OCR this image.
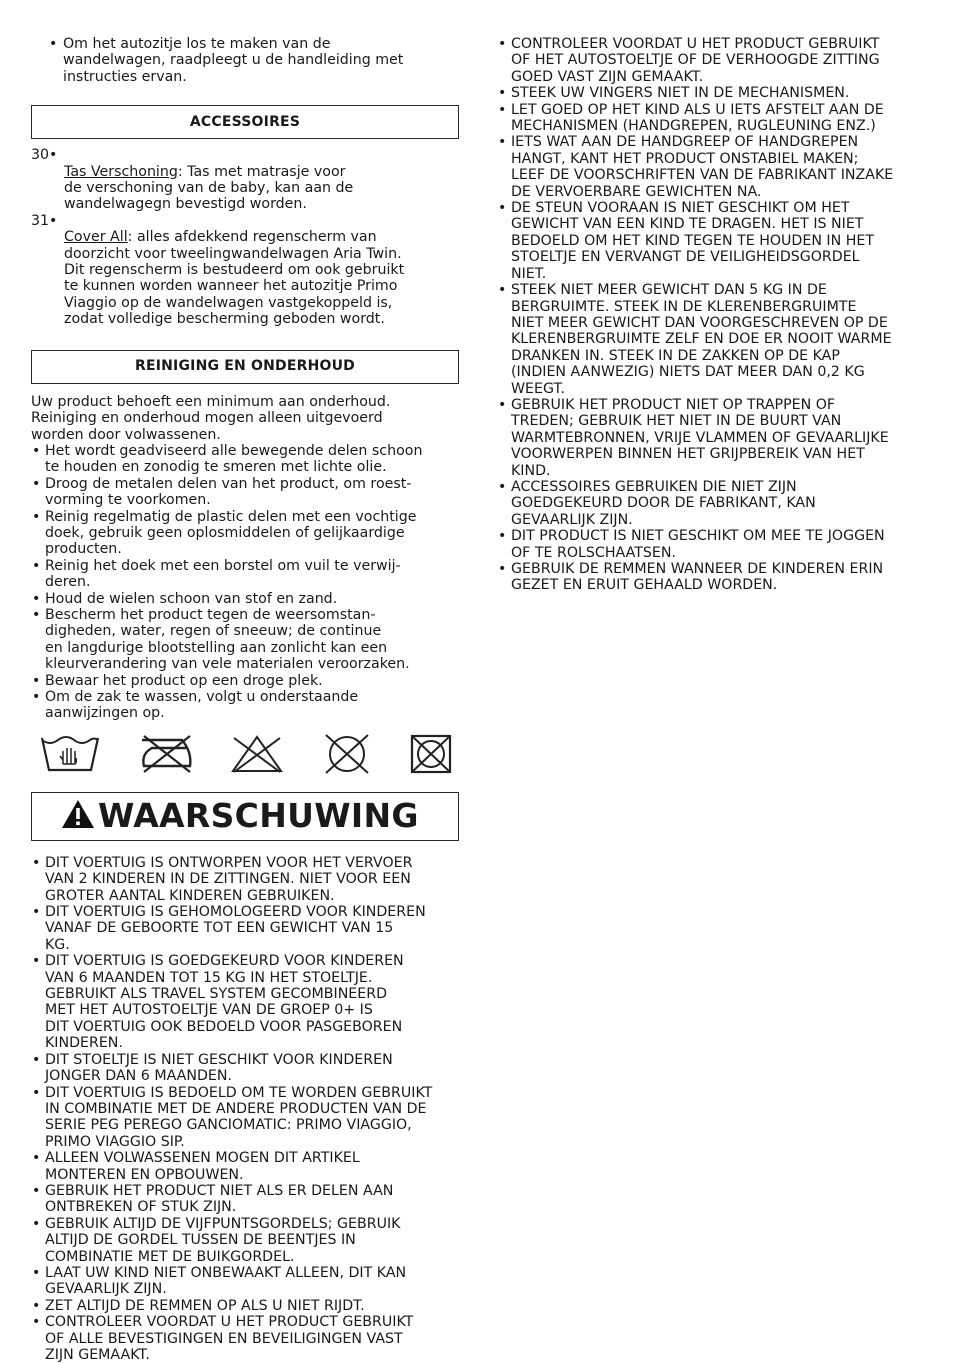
• Om het autozitje los te maken van de
wandelwagen, raadpleegt u de handleiding met
instructies ervan.

ACCESSOIRES

30•
Tas Verschoning: Tas met matrasje voor
de verschoning van de baby, kan aan de
wandelwagegn bevestigd worden.

31•
Cover All: alles afdekkend regenscherm van
doorzicht voor tweelingwandelwagen Aria Twin.
Dit regenscherm is bestudeerd om ook gebruikt
te kunnen worden wanneer het autozitje Primo
Viaggio op de wandelwagen vastgekoppeld is,
zodat volledige bescherming geboden wordt.

REINIGING EN ONDERHOUD

Uw product behoeft een minimum aan onderhoud.
Reiniging en onderhoud mogen alleen uitgevoerd
worden door volwassenen.

• Het wordt geadviseerd alle bewegende delen schoon
te houden en zonodig te smeren met lichte olie.

• Droog de metalen delen van het product, om roest-
vorming te voorkomen.

• Reinig regelmatig de plastic delen met een vochtige
doek, gebruik geen oplosmiddelen of gelijkaardige
producten.

• Reinig het doek met een borstel om vuil te verwij-
deren.

• Houd de wielen schoon van stof en zand.

• Bescherm het product tegen de weersomstan-
digheden, water, regen of sneeuw; de continue
en langdurige blootstelling aan zonlicht kan een
kleurverandering van vele materialen veroorzaken.

• Bewaar het product op een droge plek.

• Om de zak te wassen, volgt u onderstaande
aanwijzingen op.

WAARSCHUWING

• DIT VOERTUIG IS ONTWORPEN VOOR HET VERVOER
VAN 2 KINDEREN IN DE ZITTINGEN. NIET VOOR EEN
GROTER AANTAL KINDEREN GEBRUIKEN.

• DIT VOERTUIG IS GEHOMOLOGEERD VOOR KINDEREN
VANAF DE GEBOORTE TOT EEN GEWICHT VAN 15
KG.

• DIT VOERTUIG IS GOEDGEKEURD VOOR KINDEREN
VAN 6 MAANDEN TOT 15 KG IN HET STOELTJE.
GEBRUIKT ALS TRAVEL SYSTEM GECOMBINEERD
MET HET AUTOSTOELTJE VAN DE GROEP 0+ IS
DIT VOERTUIG OOK BEDOELD VOOR PASGEBOREN
KINDEREN.

• DIT STOELTJE IS NIET GESCHIKT VOOR KINDEREN
JONGER DAN 6 MAANDEN.

• DIT VOERTUIG IS BEDOELD OM TE WORDEN GEBRUIKT
IN COMBINATIE MET DE ANDERE PRODUCTEN VAN DE
SERIE PEG PEREGO GANCIOMATIC: PRIMO VIAGGIO,
PRIMO VIAGGIO SIP.

• ALLEEN VOLWASSENEN MOGEN DIT ARTIKEL
MONTEREN EN OPBOUWEN.

• GEBRUIK HET PRODUCT NIET ALS ER DELEN AAN
ONTBREKEN OF STUK ZIJN.

• GEBRUIK ALTIJD DE VIJFPUNTSGORDELS; GEBRUIK
ALTIJD DE GORDEL TUSSEN DE BEENTJES IN
COMBINATIE MET DE BUIKGORDEL.

• LAAT UW KIND NIET ONBEWAAKT ALLEEN, DIT KAN
GEVAARLIJK ZIJN.

• ZET ALTIJD DE REMMEN OP ALS U NIET RIJDT.

• CONTROLEER VOORDAT U HET PRODUCT GEBRUIKT
OF ALLE BEVESTIGINGEN EN BEVEILIGINGEN VAST
ZIJN GEMAAKT.

• CONTROLEER VOORDAT U HET PRODUCT GEBRUIKT
OF HET AUTOSTOELTJE OF DE VERHOOGDE ZITTING
GOED VAST ZIJN GEMAAKT.

• STEEK UW VINGERS NIET IN DE MECHANISMEN.

• LET GOED OP HET KIND ALS U IETS AFSTELT AAN DE
MECHANISMEN (HANDGREPEN, RUGLEUNING ENZ.)

• IETS WAT AAN DE HANDGREEP OF HANDGREPEN
HANGT, KANT HET PRODUCT ONSTABIEL MAKEN;
LEEF DE VOORSCHRIFTEN VAN DE FABRIKANT INZAKE
DE VERVOERBARE GEWICHTEN NA.

• DE STEUN VOORAAN IS NIET GESCHIKT OM HET
GEWICHT VAN EEN KIND TE DRAGEN. HET IS NIET
BEDOELD OM HET KIND TEGEN TE HOUDEN IN HET
STOELTJE EN VERVANGT DE VEILIGHEIDSGORDEL
NIET.

• STEEK NIET MEER GEWICHT DAN 5 KG IN DE
BERGRUIMTE. STEEK IN DE KLERENBERGRUIMTE
NIET MEER GEWICHT DAN VOORGESCHREVEN OP DE
KLERENBERGRUIMTE ZELF EN DOE ER NOOIT WARME
DRANKEN IN. STEEK IN DE ZAKKEN OP DE KAP
(INDIEN AANWEZIG) NIETS DAT MEER DAN 0,2 KG
WEEGT.

• GEBRUIK HET PRODUCT NIET OP TRAPPEN OF
TREDEN; GEBRUIK HET NIET IN DE BUURT VAN
WARMTEBRONNEN, VRIJE VLAMMEN OF GEVAARLIJKE
VOORWERPEN BINNEN HET GRIJPBEREIK VAN HET
KIND.

• ACCESSOIRES GEBRUIKEN DIE NIET ZIJN
GOEDGEKEURD DOOR DE FABRIKANT, KAN
GEVAARLIJK ZIJN.

• DIT PRODUCT IS NIET GESCHIKT OM MEE TE JOGGEN
OF TE ROLSCHAATSEN.

• GEBRUIK DE REMMEN WANNEER DE KINDEREN ERIN
GEZET EN ERUIT GEHAALD WORDEN.
